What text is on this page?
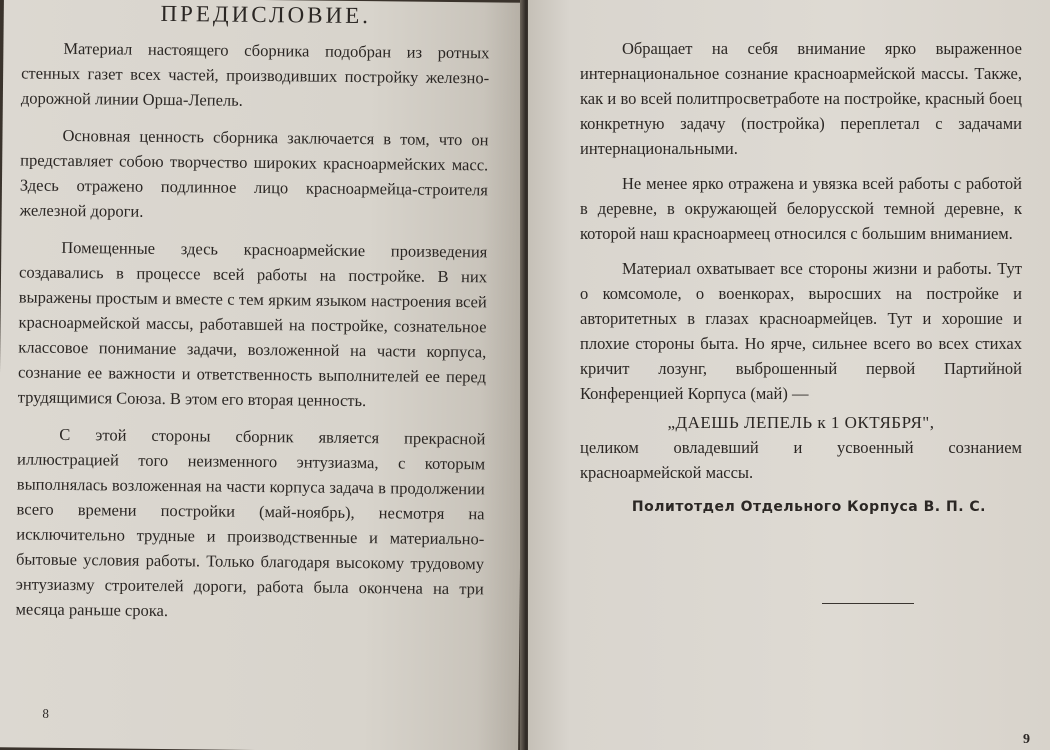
ПРЕДИСЛОВИЕ.

Материал настоящего сборника подобран из ротных стенных газет всех частей, производивших постройку железно-дорожной линии Орша-Лепель.

Основная ценность сборника заключается в том, что он представляет собою творчество широких красноармейских масс. Здесь отражено подлинное лицо красноармейца-строителя железной дороги.

Помещенные здесь красноармейские произведения создавались в процессе всей работы на постройке. В них выражены простым и вместе с тем ярким языком настроения всей красноармейской массы, работавшей на постройке, сознательное классовое понимание задачи, возложенной на части корпуса, сознание ее важности и ответственность выполнителей ее перед трудящимися Союза. В этом его вторая ценность.

С этой стороны сборник является прекрасной иллюстрацией того неизменного энтузиазма, с которым выполнялась возложенная на части корпуса задача в продолжении всего времени постройки (май-ноябрь), несмотря на исключительно трудные и производственные и материально-бытовые условия работы. Только благодаря высокому трудовому энтузиазму строителей дороги, работа была окончена на три месяца раньше срока.

8

Обращает на себя внимание ярко выраженное интернациональное сознание красноармейской массы. Также, как и во всей политпросветработе на постройке, красный боец конкретную задачу (постройка) переплетал с задачами интернациональными.

Не менее ярко отражена и увязка всей работы с работой в деревне, в окружающей белорусской темной деревне, к которой наш красноармеец относился с большим вниманием.

Материал охватывает все стороны жизни и работы. Тут о комсомоле, о военкорах, выросших на постройке и авторитетных в глазах красноармейцев. Тут и хорошие и плохие стороны быта. Но ярче, сильнее всего во всех стихах кричит лозунг, выброшенный первой Партийной Конференцией Корпуса (май) —

„ДАЕШЬ ЛЕПЕЛЬ к 1 ОКТЯБРЯ",

целиком овладевший и усвоенный сознанием красноармейской массы.

Политотдел Отдельного Корпуса В. П. С.
9
